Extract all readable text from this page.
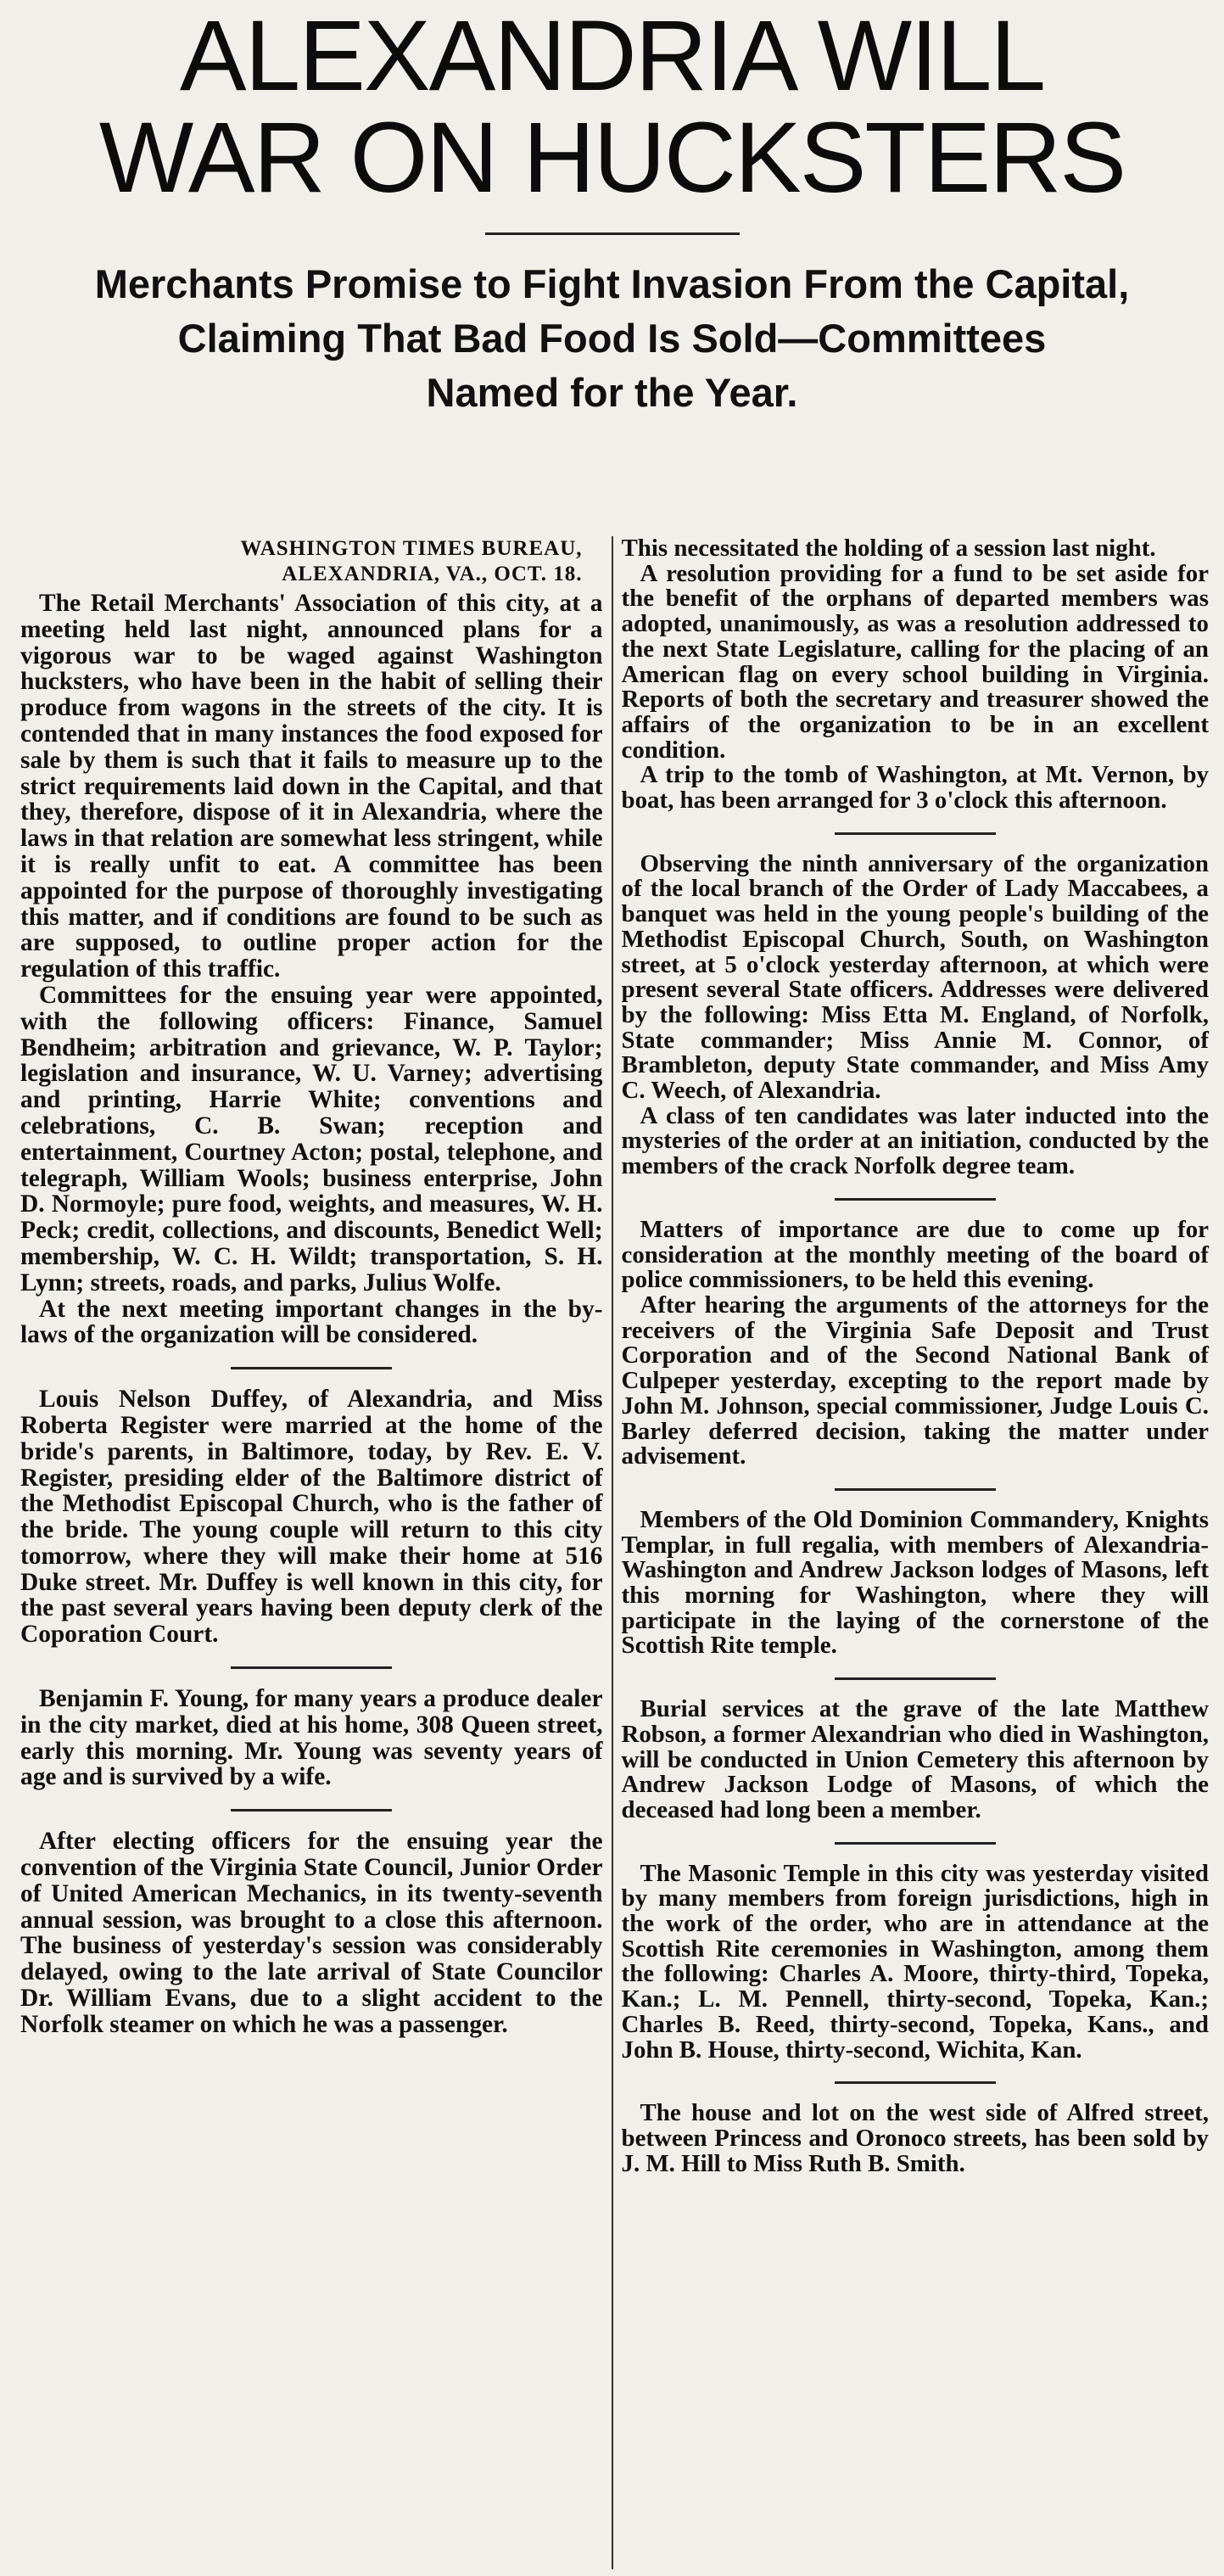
ALEXANDRIA WILL
WAR ON HUCKSTERS
Merchants Promise to Fight Invasion From the Capital,
Claiming That Bad Food Is Sold—Committees
Named for the Year.
WASHINGTON TIMES BUREAU,
ALEXANDRIA, VA., OCT. 18.

The Retail Merchants' Association of this city, at a meeting held last night, announced plans for a vigorous war to be waged against Washington hucksters, who have been in the habit of selling their produce from wagons in the streets of the city. It is contended that in many instances the food exposed for sale by them is such that it fails to measure up to the strict requirements laid down in the Capital, and that they, therefore, dispose of it in Alexandria, where the laws in that relation are somewhat less stringent, while it is really unfit to eat. A committee has been appointed for the purpose of thoroughly investigating this matter, and if conditions are found to be such as are supposed, to outline proper action for the regulation of this traffic.

Committees for the ensuing year were appointed, with the following officers: Finance, Samuel Bendheim; arbitration and grievance, W. P. Taylor; legislation and insurance, W. U. Varney; advertising and printing, Harrie White; conventions and celebrations, C. B. Swan; reception and entertainment, Courtney Acton; postal, telephone, and telegraph, William Wools; business enterprise, John D. Normoyle; pure food, weights, and measures, W. H. Peck; credit, collections, and discounts, Benedict Well; membership, W. C. H. Wildt; transportation, S. H. Lynn; streets, roads, and parks, Julius Wolfe.

At the next meeting important changes in the by-laws of the organization will be considered.

Louis Nelson Duffey, of Alexandria, and Miss Roberta Register were married at the home of the bride's parents, in Baltimore, today, by Rev. E. V. Register, presiding elder of the Baltimore district of the Methodist Episcopal Church, who is the father of the bride. The young couple will return to this city tomorrow, where they will make their home at 516 Duke street. Mr. Duffey is well known in this city, for the past several years having been deputy clerk of the Coporation Court.

Benjamin F. Young, for many years a produce dealer in the city market, died at his home, 308 Queen street, early this morning. Mr. Young was seventy years of age and is survived by a wife.

After electing officers for the ensuing year the convention of the Virginia State Council, Junior Order of United American Mechanics, in its twenty-seventh annual session, was brought to a close this afternoon. The business of yesterday's session was considerably delayed, owing to the late arrival of State Councilor Dr. William Evans, due to a slight accident to the Norfolk steamer on which he was a passenger.

This necessitated the holding of a session last night.

A resolution providing for a fund to be set aside for the benefit of the orphans of departed members was adopted, unanimously, as was a resolution addressed to the next State Legislature, calling for the placing of an American flag on every school building in Virginia. Reports of both the secretary and treasurer showed the affairs of the organization to be in an excellent condition.

A trip to the tomb of Washington, at Mt. Vernon, by boat, has been arranged for 3 o'clock this afternoon.

Observing the ninth anniversary of the organization of the local branch of the Order of Lady Maccabees, a banquet was held in the young people's building of the Methodist Episcopal Church, South, on Washington street, at 5 o'clock yesterday afternoon, at which were present several State officers. Addresses were delivered by the following: Miss Etta M. England, of Norfolk, State commander; Miss Annie M. Connor, of Brambleton, deputy State commander, and Miss Amy C. Weech, of Alexandria.

A class of ten candidates was later inducted into the mysteries of the order at an initiation, conducted by the members of the crack Norfolk degree team.

Matters of importance are due to come up for consideration at the monthly meeting of the board of police commissioners, to be held this evening.

After hearing the arguments of the attorneys for the receivers of the Virginia Safe Deposit and Trust Corporation and of the Second National Bank of Culpeper yesterday, excepting to the report made by John M. Johnson, special commissioner, Judge Louis C. Barley deferred decision, taking the matter under advisement.

Members of the Old Dominion Commandery, Knights Templar, in full regalia, with members of Alexandria-Washington and Andrew Jackson lodges of Masons, left this morning for Washington, where they will participate in the laying of the cornerstone of the Scottish Rite temple.

Burial services at the grave of the late Matthew Robson, a former Alexandrian who died in Washington, will be conducted in Union Cemetery this afternoon by Andrew Jackson Lodge of Masons, of which the deceased had long been a member.

The Masonic Temple in this city was yesterday visited by many members from foreign jurisdictions, high in the work of the order, who are in attendance at the Scottish Rite ceremonies in Washington, among them the following: Charles A. Moore, thirty-third, Topeka, Kan.; L. M. Pennell, thirty-second, Topeka, Kan.; Charles B. Reed, thirty-second, Topeka, Kans., and John B. House, thirty-second, Wichita, Kan.

The house and lot on the west side of Alfred street, between Princess and Oronoco streets, has been sold by J. M. Hill to Miss Ruth B. Smith.
